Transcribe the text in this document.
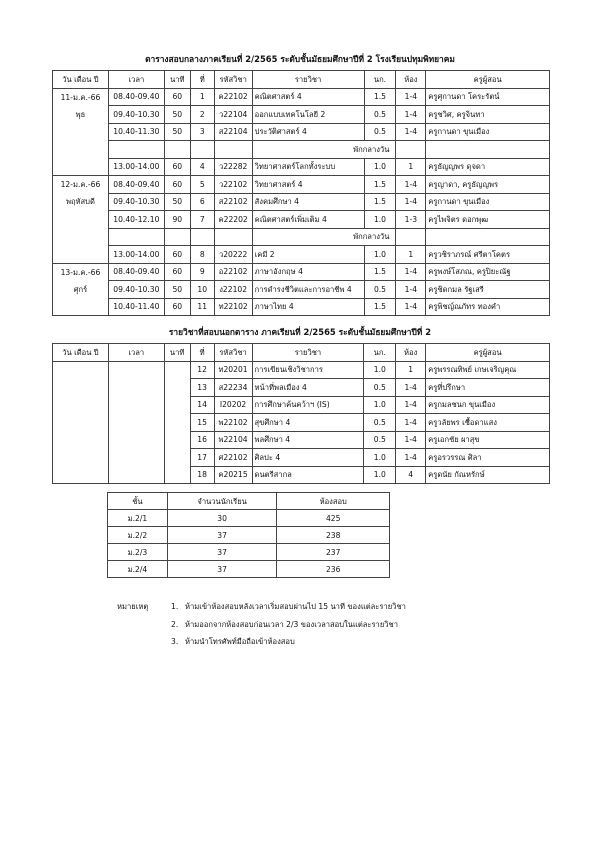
ตารางสอบกลางภาคเรียนที่ 2/2565 ระดับชั้นมัธยมศึกษาปีที่ 2 โรงเรียนปทุมพิทยาคม
วัน เดือน ปี	เวลา	นาที	ที่	รหัสวิชา	รายวิชา	นก.	ห้อง	ครูผู้สอน
11-ม.ค.-66	08.40-09.40	60	1	ค22102	คณิตศาสตร์ 4	1.5	1-4	ครูศุกานดา โคระรัตน์
พุธ	09.40-10.30	50	2	ว22104	ออกแบบเทคโนโลยี 2	0.5	1-4	ครูชวิศ, ครูจินทา
	10.40-11.30	50	3	ส22104	ประวัติศาสตร์ 4	0.5	1-4	ครูกานดา ขุนเมือง
					พักกลางวัน			
	13.00-14.00	60	4	ว22282	วิทยาศาสตร์โลกทั้งระบบ	1.0	1	ครูธัญญพร ดุจดา
12-ม.ค.-66	08.40-09.40	60	5	ว22102	วิทยาศาสตร์ 4	1.5	1-4	ครูญาดา, ครูธัญญพร
พฤหัสบดี	09.40-10.30	50	6	ส22102	สังคมศึกษา 4	1.5	1-4	ครูกานดา ขุนเมือง
	10.40-12.10	90	7	ค22202	คณิตศาสตร์เพิ่มเติม 4	1.0	1-3	ครูไพจิตร ดอกพุฒ
					พักกลางวัน			
	13.00-14.00	60	8	ว20222	เคมี 2	1.0	1	ครูวชิราภรณ์ ศรีตาโคตร
13-ม.ค.-66	08.40-09.40	60	9	อ22102	ภาษาอังกฤษ 4	1.5	1-4	ครูพงษ์โสภณ, ครูปิยะณัฐ
ศุกร์	09.40-10.30	50	10	ง22102	การดำรงชีวิตและการอาชีพ 4	0.5	1-4	ครูชิดกมล รัฐเสรี
	10.40-11.40	60	11	ท22102	ภาษาไทย 4	1.5	1-4	ครูพิชญ์ณภัทร ทองคำ
รายวิชาที่สอบนอกตาราง ภาคเรียนที่ 2/2565 ระดับชั้นมัธยมศึกษาปีที่ 2
วัน เดือน ปี	เวลา	นาที	ที่	รหัสวิชา	รายวิชา	นก.	ห้อง	ครูผู้สอน
			12	ท20201	การเขียนเชิงวิชาการ	1.0	1	ครูพรรณทิพย์ เกษเจริญคุณ
			13	ส22234	หน้าที่พลเมือง 4	0.5	1-4	ครูที่ปรึกษา
			14	I20202	การศึกษาค้นคว้าฯ (IS)	1.0	1-4	ครูกมลชนก ขุนเมือง
			15	พ22102	สุขศึกษา 4	0.5	1-4	ครูวลัยพร เชื้อดาแสง
			16	พ22104	พลศึกษา 4	0.5	1-4	ครูเอกชัย ผาสุข
			17	ศ22102	ศิลปะ 4	1.0	1-4	ครูอรวรรณ ศิลา
			18	ค20215	ดนตรีสากล	1.0	4	ครูดนัย กัณหรักษ์
ชั้น	จำนวนนักเรียน	ห้องสอบ
ม.2/1	30	425
ม.2/2	37	238
ม.2/3	37	237
ม.2/4	37	236
หมายเหตุ	1. ห้ามเข้าห้องสอบหลังเวลาเริ่มสอบผ่านไป 15 นาที ของแต่ละรายวิชา
2. ห้ามออกจากห้องสอบก่อนเวลา 2/3 ของเวลาสอบในแต่ละรายวิชา
3. ห้ามนำโทรศัพท์มือถือเข้าห้องสอบ
